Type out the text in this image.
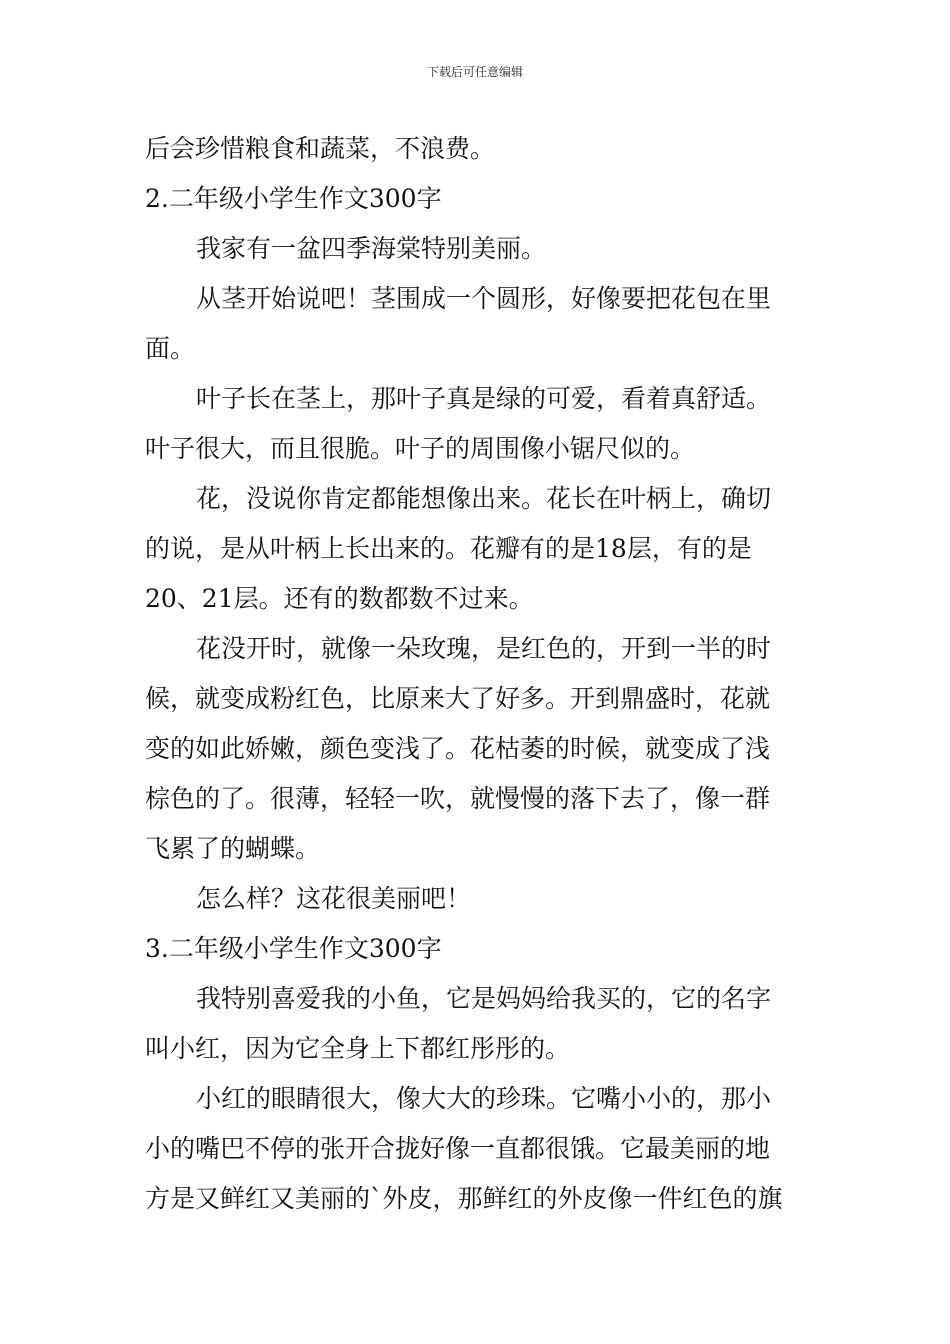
下载后可任意编辑
后会珍惜粮食和蔬菜，不浪费。
2.二年级小学生作文300字
我家有一盆四季海棠特别美丽。
从茎开始说吧！茎围成一个圆形，好像要把花包在里
面。
叶子长在茎上，那叶子真是绿的可爱，看着真舒适。
叶子很大，而且很脆。叶子的周围像小锯尺似的。
花，没说你肯定都能想像出来。花长在叶柄上，确切
的说，是从叶柄上长出来的。花瓣有的是18层，有的是
20、21层。还有的数都数不过来。
花没开时，就像一朵玫瑰，是红色的，开到一半的时
候，就变成粉红色，比原来大了好多。开到鼎盛时，花就
变的如此娇嫩，颜色变浅了。花枯萎的时候，就变成了浅
棕色的了。很薄，轻轻一吹，就慢慢的落下去了，像一群
飞累了的蝴蝶。
怎么样？这花很美丽吧！
3.二年级小学生作文300字
我特别喜爱我的小鱼，它是妈妈给我买的，它的名字
叫小红，因为它全身上下都红彤彤的。
小红的眼睛很大，像大大的珍珠。它嘴小小的，那小
小的嘴巴不停的张开合拢好像一直都很饿。它最美丽的地
方是又鲜红又美丽的`外皮，那鲜红的外皮像一件红色的旗
